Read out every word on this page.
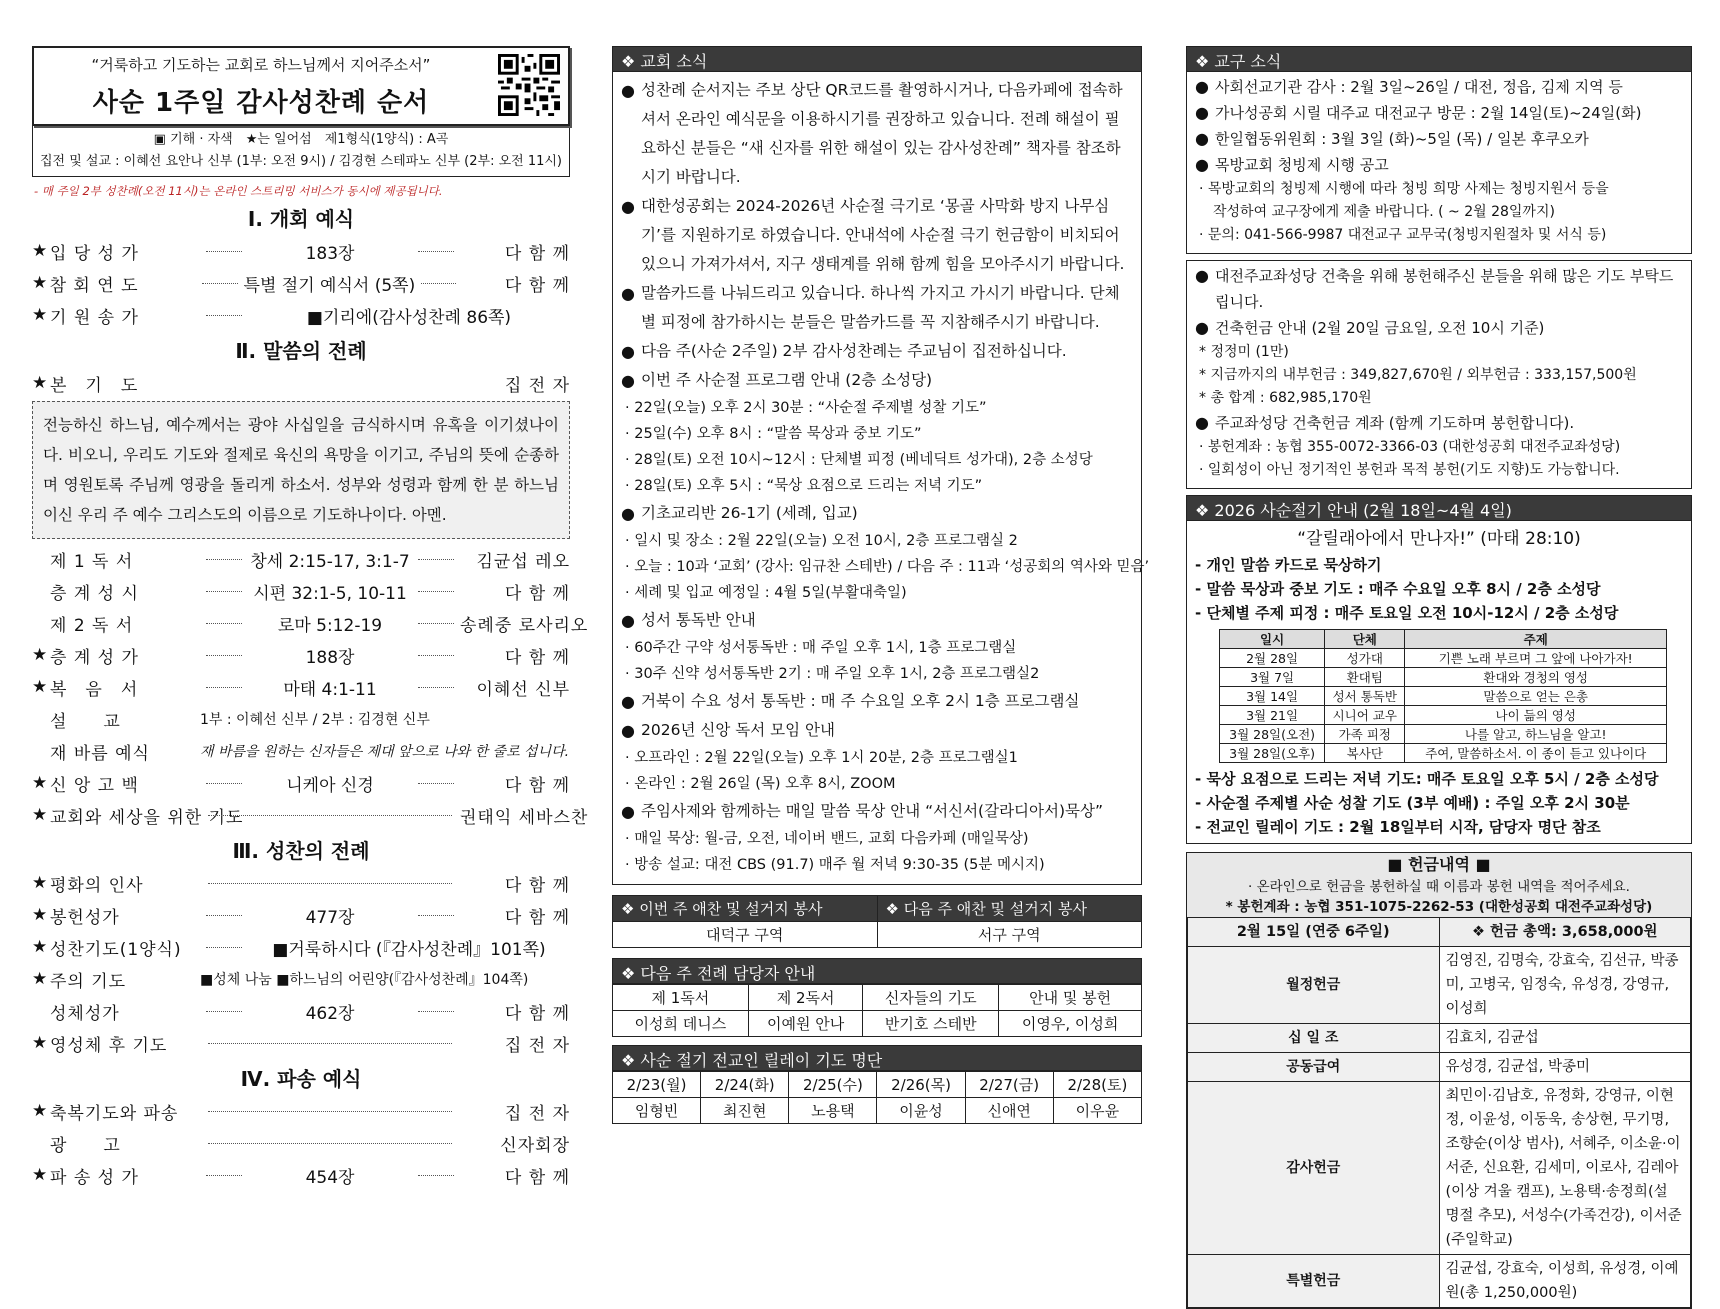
“거룩하고 기도하는 교회로 하느님께서 지어주소서”
사순 1주일 감사성찬례 순서
▣ 기해 · 자색　★는 일어섬　제1형식(1양식) : A곡
집전 및 설교 : 이혜선 요안나 신부 (1부: 오전 9시) / 김경현 스테파노 신부 (2부: 오전 11시)
- 매 주일 2부 성찬례(오전 11시)는 온라인 스트리밍 서비스가 동시에 제공됩니다.
Ⅰ. 개회 예식
★ 입 당 성 가	183장	다 함 께
★ 참 회 연 도	특별 절기 예식서 (5쪽)	다 함 께
★ 기 원 송 가	■기리에(감사성찬례 86쪽)
Ⅱ. 말씀의 전례
★ 본　기　도	집 전 자
전능하신 하느님, 예수께서는 광야 사십일을 금식하시며 유혹을 이기셨나이다. 비오니, 우리도 기도와 절제로 육신의 욕망을 이기고, 주님의 뜻에 순종하며 영원토록 주님께 영광을 돌리게 하소서. 성부와 성령과 함께 한 분 하느님이신 우리 주 예수 그리스도의 이름으로 기도하나이다. 아멘.
제 1 독 서	창세 2:15-17, 3:1-7	김균섭 레오
층 계 성 시	시편 32:1-5, 10-11	다 함 께
제 2 독 서	로마 5:12-19	송례중 로사리오
★ 층 계 성 가	188장	다 함 께
★ 복　음　서	마태 4:1-11	이혜선 신부
설　　교	1부 : 이혜선 신부 / 2부 : 김경현 신부
재 바름 예식	재 바름을 원하는 신자들은 제대 앞으로 나와 한 줄로 섭니다.
★ 신 앙 고 백	니케아 신경	다 함 께
★ 교회와 세상을 위한 기도	권태익 세바스찬
Ⅲ. 성찬의 전례
★ 평화의 인사	다 함 께
★ 봉헌성가	477장	다 함 께
★ 성찬기도(1양식)	■거룩하시다 (『감사성찬례』101쪽)
★ 주의 기도	■성체 나눔 ■하느님의 어린양(『감사성찬례』104쪽)
성체성가	462장	다 함 께
★ 영성체 후 기도	집 전 자
Ⅳ. 파송 예식
★ 축복기도와 파송	집 전 자
광　　고	신자회장
★ 파 송 성 가	454장	다 함 께
❖ 교회 소식
● 성찬례 순서지는 주보 상단 QR코드를 촬영하시거나, 다음카페에 접속하셔서 온라인 예식문을 이용하시기를 권장하고 있습니다. 전례 해설이 필요하신 분들은 “새 신자를 위한 해설이 있는 감사성찬례” 책자를 참조하시기 바랍니다.
● 대한성공회는 2024-2026년 사순절 극기로 ‘몽골 사막화 방지 나무심기’를 지원하기로 하였습니다. 안내석에 사순절 극기 헌금함이 비치되어있으니 가져가셔서, 지구 생태계를 위해 함께 힘을 모아주시기 바랍니다.
● 말씀카드를 나눠드리고 있습니다. 하나씩 가지고 가시기 바랍니다. 단체별 피정에 참가하시는 분들은 말씀카드를 꼭 지참해주시기 바랍니다.
● 다음 주(사순 2주일) 2부 감사성찬례는 주교님이 집전하십니다.
● 이번 주 사순절 프로그램 안내 (2층 소성당)
· 22일(오늘) 오후 2시 30분 : “사순절 주제별 성찰 기도”
· 25일(수) 오후 8시 : “말씀 묵상과 중보 기도”
· 28일(토) 오전 10시~12시 : 단체별 피정 (베네딕트 성가대), 2층 소성당
· 28일(토) 오후 5시 : “묵상 요점으로 드리는 저녁 기도”
● 기초교리반 26-1기 (세례, 입교)
· 일시 및 장소 : 2월 22일(오늘) 오전 10시, 2층 프로그램실 2
· 오늘 : 10과 ‘교회’ (강사: 임규찬 스테반) / 다음 주 : 11과 ‘성공회의 역사와 믿음’
· 세례 및 입교 예정일 : 4월 5일(부활대축일)
● 성서 통독반 안내
· 60주간 구약 성서통독반 : 매 주일 오후 1시, 1층 프로그램실
· 30주 신약 성서통독반 2기 : 매 주일 오후 1시, 2층 프로그램실2
● 거북이 수요 성서 통독반 : 매 주 수요일 오후 2시 1층 프로그램실
● 2026년 신앙 독서 모임 안내
· 오프라인 : 2월 22일(오늘) 오후 1시 20분, 2층 프로그램실1
· 온라인 : 2월 26일 (목) 오후 8시, ZOOM
● 주임사제와 함께하는 매일 말씀 묵상 안내 “서신서(갈라디아서)묵상”
· 매일 묵상: 월-금, 오전, 네이버 밴드, 교회 다음카페 (매일묵상)
· 방송 설교: 대전 CBS (91.7) 매주 월 저녁 9:30-35 (5분 메시지)
❖ 이번 주 애찬 및 설거지 봉사	❖ 다음 주 애찬 및 설거지 봉사
대덕구 구역	서구 구역
❖ 다음 주 전례 담당자 안내
제 1독서	제 2독서	신자들의 기도	안내 및 봉헌
이성희 데니스	이예원 안나	반기호 스테반	이영우, 이성희
❖ 사순 절기 전교인 릴레이 기도 명단
2/23(월)	2/24(화)	2/25(수)	2/26(목)	2/27(금)	2/28(토)
임형빈	최진현	노용택	이윤성	신애연	이우윤
❖ 교구 소식
● 사회선교기관 감사 : 2월 3일~26일 / 대전, 정읍, 김제 지역 등
● 가나성공회 시릴 대주교 대전교구 방문 : 2월 14일(토)~24일(화)
● 한일협동위원회 : 3월 3일 (화)~5일 (목) / 일본 후쿠오카
● 목방교회 청빙제 시행 공고
· 목방교회의 청빙제 시행에 따라 청빙 희망 사제는 청빙지원서 등을
　작성하여 교구장에게 제출 바랍니다. ( ~ 2월 28일까지)
· 문의: 041-566-9987 대전교구 교무국(청빙지원절차 및 서식 등)
● 대전주교좌성당 건축을 위해 봉헌해주신 분들을 위해 많은 기도 부탁드립니다.
● 건축헌금 안내 (2월 20일 금요일, 오전 10시 기준)
* 정정미 (1만)
* 지금까지의 내부헌금 : 349,827,670원 / 외부헌금 : 333,157,500원
* 총 합계 : 682,985,170원
● 주교좌성당 건축헌금 계좌 (함께 기도하며 봉헌합니다).
· 봉헌계좌 : 농협 355-0072-3366-03 (대한성공회 대전주교좌성당)
· 일회성이 아닌 정기적인 봉헌과 목적 봉헌(기도 지향)도 가능합니다.
❖ 2026 사순절기 안내 (2월 18일~4월 4일)
“갈릴래아에서 만나자!” (마태 28:10)
- 개인 말씀 카드로 묵상하기
- 말씀 묵상과 중보 기도 : 매주 수요일 오후 8시 / 2층 소성당
- 단체별 주제 피정 : 매주 토요일 오전 10시-12시 / 2층 소성당
일시	단체	주제
2월 28일	성가대	기쁜 노래 부르며 그 앞에 나아가자!
3월 7일	환대팀	환대와 경청의 영성
3월 14일	성서 통독반	말씀으로 얻는 은총
3월 21일	시니어 교우	나이 듦의 영성
3월 28일(오전)	가족 피정	나를 알고, 하느님을 알고!
3월 28일(오후)	복사단	주여, 말씀하소서. 이 종이 듣고 있나이다
- 묵상 요점으로 드리는 저녁 기도: 매주 토요일 오후 5시 / 2층 소성당
- 사순절 주제별 사순 성찰 기도 (3부 예배) : 주일 오후 2시 30분
- 전교인 릴레이 기도 : 2월 18일부터 시작, 담당자 명단 참조
■ 헌금내역 ■
· 온라인으로 헌금을 봉헌하실 때 이름과 봉헌 내역을 적어주세요.
* 봉헌계좌 : 농협 351-1075-2262-53 (대한성공회 대전주교좌성당)
2월 15일 (연중 6주일)	❖ 헌금 총액: 3,658,000원
월정헌금	김영진, 김명숙, 강효숙, 김선규, 박종미, 고병국, 임정숙, 유성경, 강영규, 이성희
십 일 조	김효치, 김균섭
공동급여	유성경, 김균섭, 박종미
감사헌금	최민이·김남호, 유정화, 강영규, 이현정, 이윤성, 이동욱, 송상현, 무기명, 조향순(이상 범사), 서혜주, 이소윤·이서준, 신요환, 김세미, 이로사, 김레아(이상 겨울 캠프), 노용택·송정희(설 명절 추모), 서성수(가족건강), 이서준(주일학교)
특별헌금	김균섭, 강효숙, 이성희, 유성경, 이예원(총 1,250,000원)
